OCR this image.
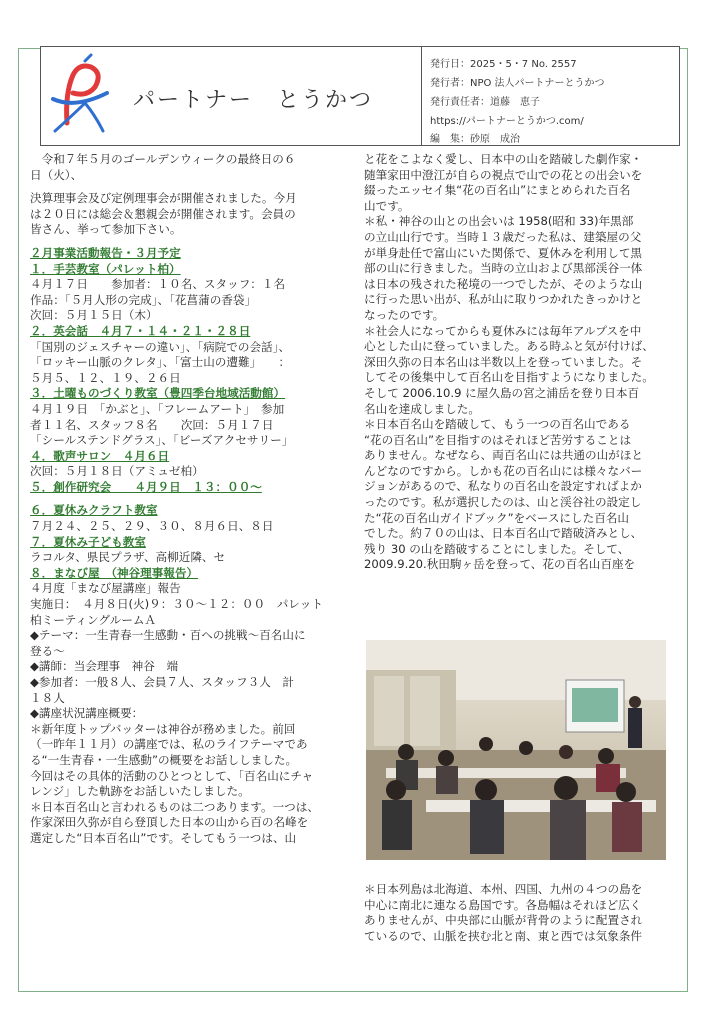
パートナー　とうかつ
発行日：2025・5・7 No. 2557
発行者：NPO 法人パートナーとうかつ
発行責任者：道藤　恵子
https://パートナーとうかつ.com/
編　集：砂原　成治
　令和７年５月のゴールデンウィークの最終日の６
日（火）、
決算理事会及び定例理事会が開催されました。今月
は２０日には総会＆懇親会が開催されます。会員の
皆さん、挙って参加下さい。
２月事業活動報告・３月予定
１．手芸教室（パレット柏）
４月１７日　　参加者：１０名、スタッフ：１名
作品：「５月人形の完成」、「花菖蒲の香袋」
次回：５月１５日（木）
２．英会話　４月７・１４・２１・２８日
「国別のジェスチャーの違い」、「病院での会話」、
「ロッキー山脈のクレタ」、「富士山の遭難」　　：
５月５、１２、１９、２６日
３．土曜ものづくり教室（豊四季台地域活動館）
４月１９日　「かぶと」、「フレームアート」　参加
者１１名、スタッフ８名　　次回：５月１７日
「シールステンドグラス」、「ビーズアクセサリー」
４．歌声サロン　４月６日
次回：５月１８日（アミュゼ柏）
５．創作研究会　　４月９日　１３：００～
６．夏休みクラフト教室
７月２４、２５、２９、３０、８月６日、８日
７．夏休み子ども教室
ラコルタ、県民プラザ、高柳近隣、セ
８．まなび屋　（神谷理事報告）
４月度「まなび屋講座」報告
実施日：　４月８日(火)９：３０～１２：００　パレット
柏ミーティングルームＡ
◆テーマ：一生青春一生感動・百への挑戦～百名山に
登る～
◆講師：当会理事　神谷　端
◆参加者：一般８人、会員７人、スタッフ３人　計
１８人
◆講座状況講座概要：
＊新年度トップバッターは神谷が務めました。前回
（一昨年１１月）の講座では、私のライフテーマであ
る“一生青春・一生感動”の概要をお話ししました。
今回はその具体的活動のひとつとして、「百名山にチャ
レンジ」した軌跡をお話しいたしました。
＊日本百名山と言われるものは二つあります。一つは、
作家深田久弥が自ら登頂した日本の山から百の名峰を
選定した“日本百名山”です。そしてもう一つは、山
と花をこよなく愛し、日本中の山を踏破した劇作家・
随筆家田中澄江が自らの視点で山での花との出会いを
綴ったエッセイ集“花の百名山”にまとめられた百名
山です。
＊私・神谷の山との出会いは 1958(昭和 33)年黒部
の立山山行です。当時１３歳だった私は、建築屋の父
が単身赴任で富山にいた関係で、夏休みを利用して黒
部の山に行きました。当時の立山および黒部渓谷一体
は日本の残された秘境の一つでしたが、そのような山
に行った思い出が、私が山に取りつかれたきっかけと
なったのです。
＊社会人になってからも夏休みには毎年アルプスを中
心とした山に登っていました。ある時ふと気が付けば、
深田久弥の日本名山は半数以上を登っていました。そ
してその後集中して百名山を目指すようになりました。
そして 2006.10.9 に屋久島の宮之浦岳を登り日本百
名山を達成しました。
＊日本百名山を踏破して、もう一つの百名山である
“花の百名山”を目指すのはそれほど苦労することは
ありません。なぜなら、両百名山には共通の山がほと
んどなのですから。しかも花の百名山には様々なバー
ジョンがあるので、私なりの百名山を設定すればよか
ったのです。私が選択したのは、山と渓谷社の設定し
た“花の百名山ガイドブック”をベースにした百名山
でした。約７０の山は、日本百名山で踏破済みとし、
残り 30 の山を踏破することにしました。そして、
2009.9.20.秋田駒ヶ岳を登って、花の百名山百座を
＊日本列島は北海道、本州、四国、九州の４つの島を
中心に南北に連なる島国です。各島幅はそれほど広く
ありませんが、中央部に山脈が背骨のように配置され
ているので、山脈を挟む北と南、東と西では気象条件
